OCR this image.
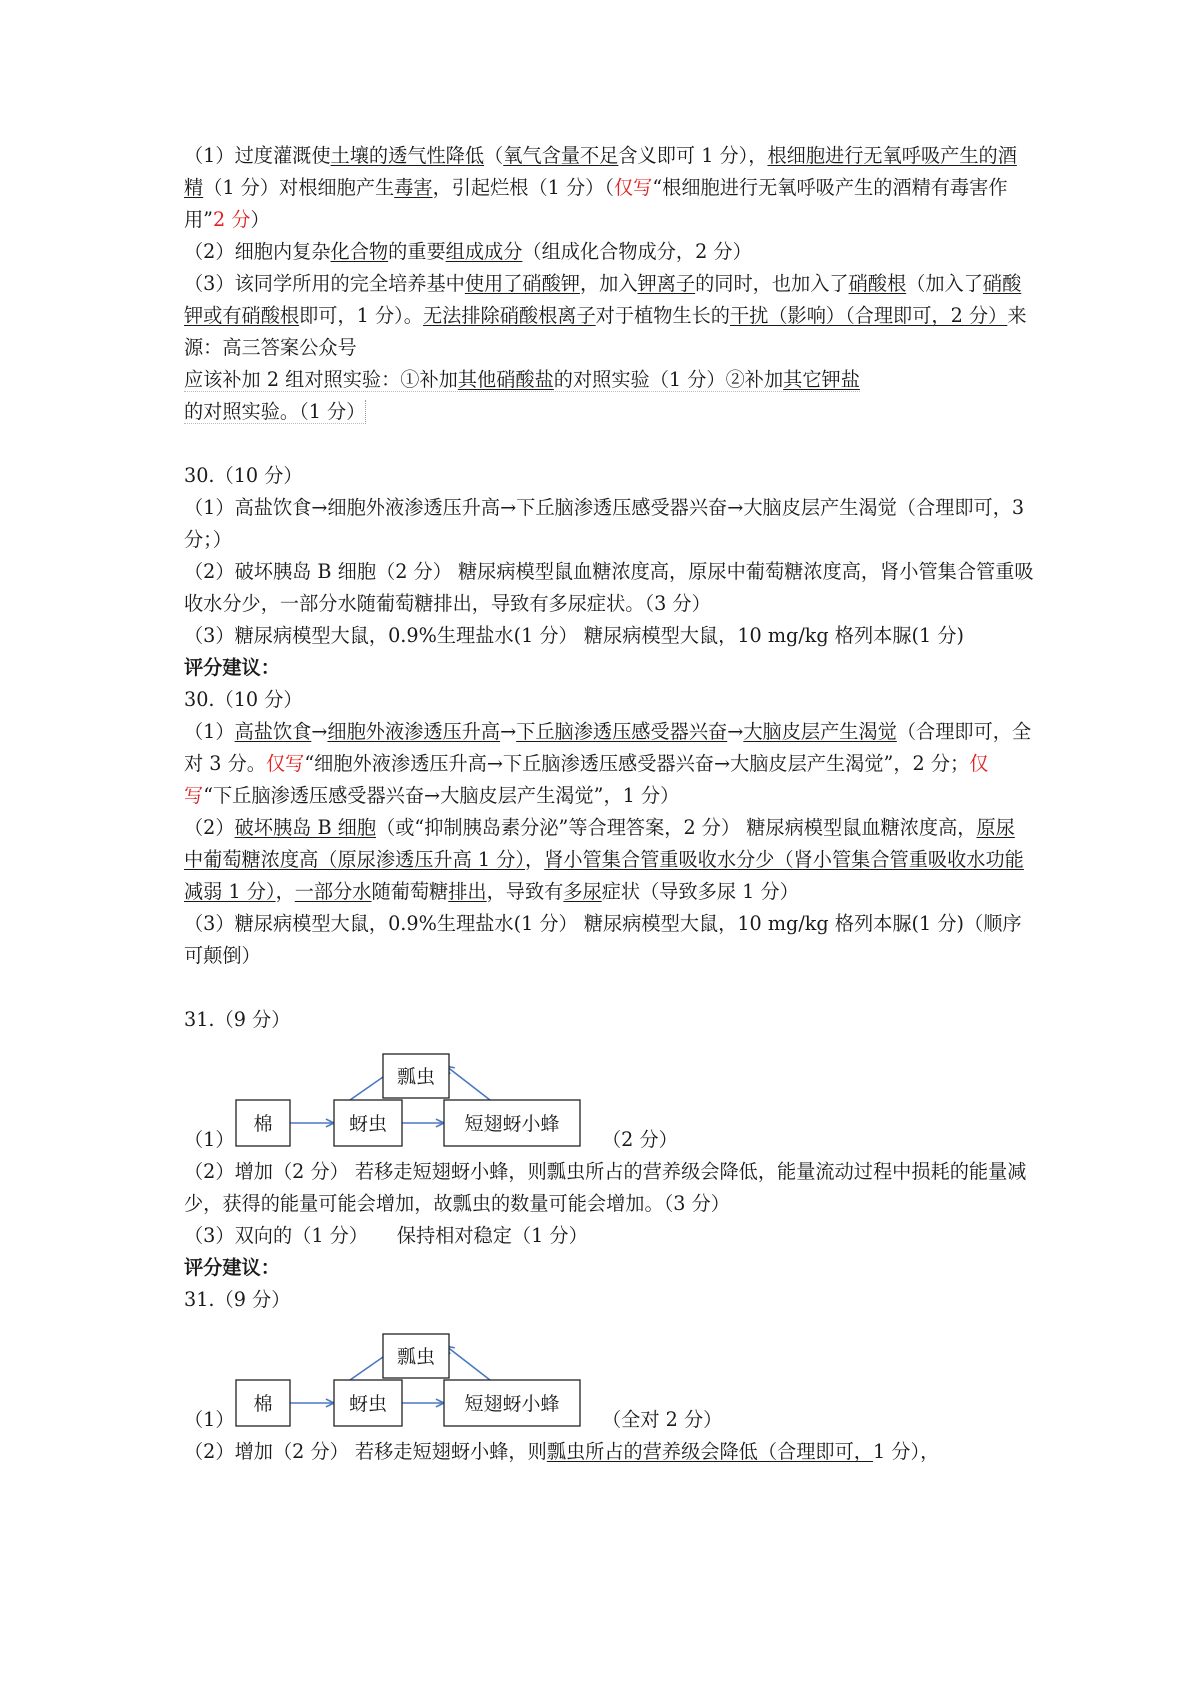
（1）过度灌溉使土壤的透气性降低（氧气含量不足含义即可 1 分），根细胞进行无氧呼吸产生的酒精（1 分）对根细胞产生毒害，引起烂根（1 分）（仅写“根细胞进行无氧呼吸产生的酒精有毒害作用”2 分）

（2）细胞内复杂化合物的重要组成成分（组成化合物成分，2 分）

（3）该同学所用的完全培养基中使用了硝酸钾，加入钾离子的同时，也加入了硝酸根（加入了硝酸钾或有硝酸根即可，1 分）。无法排除硝酸根离子对于植物生长的干扰（影响）（合理即可，2 分）来源：高三答案公众号

应该补加 2 组对照实验：①补加其他硝酸盐的对照实验（1 分）②补加其它钾盐的对照实验。（1 分）

30.（10 分）

（1）高盐饮食→细胞外液渗透压升高→下丘脑渗透压感受器兴奋→大脑皮层产生渴觉（合理即可，3 分；）

（2）破坏胰岛 B 细胞（2 分） 糖尿病模型鼠血糖浓度高，原尿中葡萄糖浓度高，肾小管集合管重吸收水分少，一部分水随葡萄糖排出，导致有多尿症状。（3 分）

（3）糖尿病模型大鼠，0.9%生理盐水(1 分） 糖尿病模型大鼠，10 mg/kg 格列本脲(1 分)

评分建议：

30.（10 分）

（1）高盐饮食→细胞外液渗透压升高→下丘脑渗透压感受器兴奋→大脑皮层产生渴觉（合理即可，全对 3 分。仅写“细胞外液渗透压升高→下丘脑渗透压感受器兴奋→大脑皮层产生渴觉”，2 分；仅写“下丘脑渗透压感受器兴奋→大脑皮层产生渴觉”，1 分）

（2）破坏胰岛 B 细胞（或“抑制胰岛素分泌”等合理答案，2 分） 糖尿病模型鼠血糖浓度高，原尿中葡萄糖浓度高（原尿渗透压升高 1 分），肾小管集合管重吸收水分少（肾小管集合管重吸收水功能减弱 1 分），一部分水随葡萄糖排出，导致有多尿症状（导致多尿 1 分）

（3）糖尿病模型大鼠，0.9%生理盐水(1 分） 糖尿病模型大鼠，10 mg/kg 格列本脲(1 分)（顺序可颠倒）

31.（9 分）

（1）
棉	蚜虫	短翅蚜小蜂
瓢虫
（2 分）

（2）增加（2 分） 若移走短翅蚜小蜂，则瓢虫所占的营养级会降低，能量流动过程中损耗的能量减少，获得的能量可能会增加，故瓢虫的数量可能会增加。（3 分）

（3）双向的（1 分）　　保持相对稳定（1 分）

评分建议：

31.（9 分）

（1）
棉	蚜虫	短翅蚜小蜂
瓢虫
（全对 2 分）

（2）增加（2 分） 若移走短翅蚜小蜂，则瓢虫所占的营养级会降低（合理即可，1 分），
